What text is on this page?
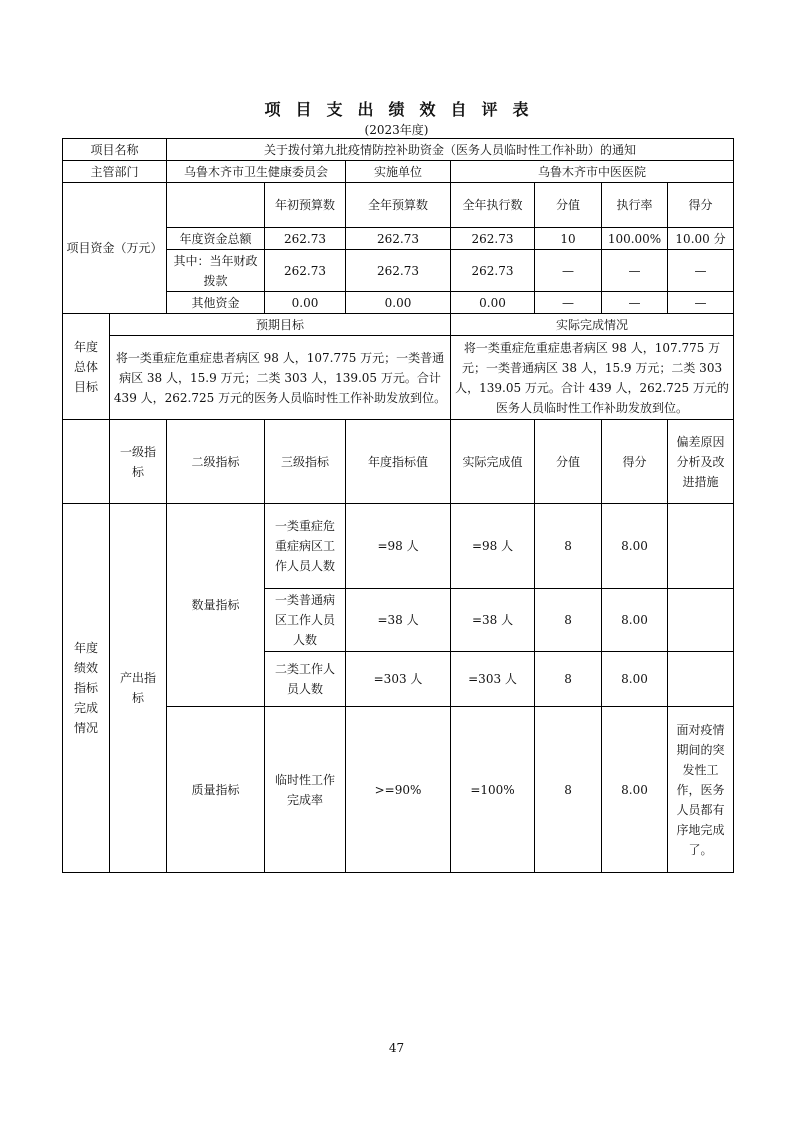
项目支出绩效自评表
(2023年度)
项目名称		关于拨付第九批疫情防控补助资金（医务人员临时性工作补助）的通知						
主管部门		乌鲁木齐市卫生健康委员会		实施单位	乌鲁木齐市中医医院			
项目资金（万元）			年初预算数	全年预算数	全年执行数	分值	执行率	得分
		年度资金总额	262.73	262.73	262.73	10	100.00%	10.00 分
		其中：当年财政拨款	262.73	262.73	262.73	—	—	—
		其他资金	0.00	0.00	0.00	—	—	—
年度总体目标	预期目标				实际完成情况			
	将一类重症危重症患者病区 98 人，107.775 万元；一类普通病区 38 人，15.9 万元；二类 303 人，139.05 万元。合计 439 人，262.725 万元的医务人员临时性工作补助发放到位。				将一类重症危重症患者病区 98 人，107.775 万元；一类普通病区 38 人，15.9 万元；二类 303 人，139.05 万元。合计 439 人，262.725 万元的医务人员临时性工作补助发放到位。			
	一级指标	二级指标	三级指标	年度指标值	实际完成值	分值	得分	偏差原因分析及改进措施
年度绩效指标完成情况	产出指标	数量指标	一类重症危重症病区工作人员人数	=98 人	=98 人	8	8.00	
			一类普通病区工作人员人数	=38 人	=38 人	8	8.00	
			二类工作人员人数	=303 人	=303 人	8	8.00	
		质量指标	临时性工作完成率	>=90%	=100%	8	8.00	面对疫情期间的突发性工作，医务人员都有序地完成了。
47
